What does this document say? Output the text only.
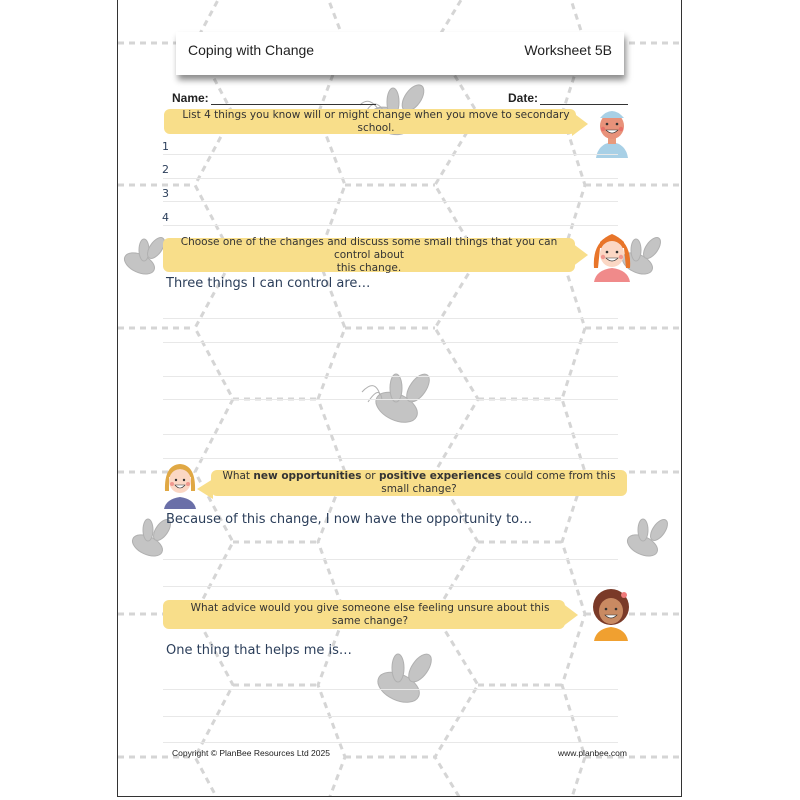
Coping with Change	Worksheet 5B
Name:	Date:
List 4 things you know will or might change when you move to secondary school.
1
2
3
4
Choose one of the changes and discuss some small things that you can control about
this change.
Three things I can control are…
What new opportunities or positive experiences could come from this small change?
Because of this change, I now have the opportunity to…
What advice would you give someone else feeling unsure about this same change?
One thing that helps me is…
Copyright © PlanBee Resources Ltd 2025	www.planbee.com
